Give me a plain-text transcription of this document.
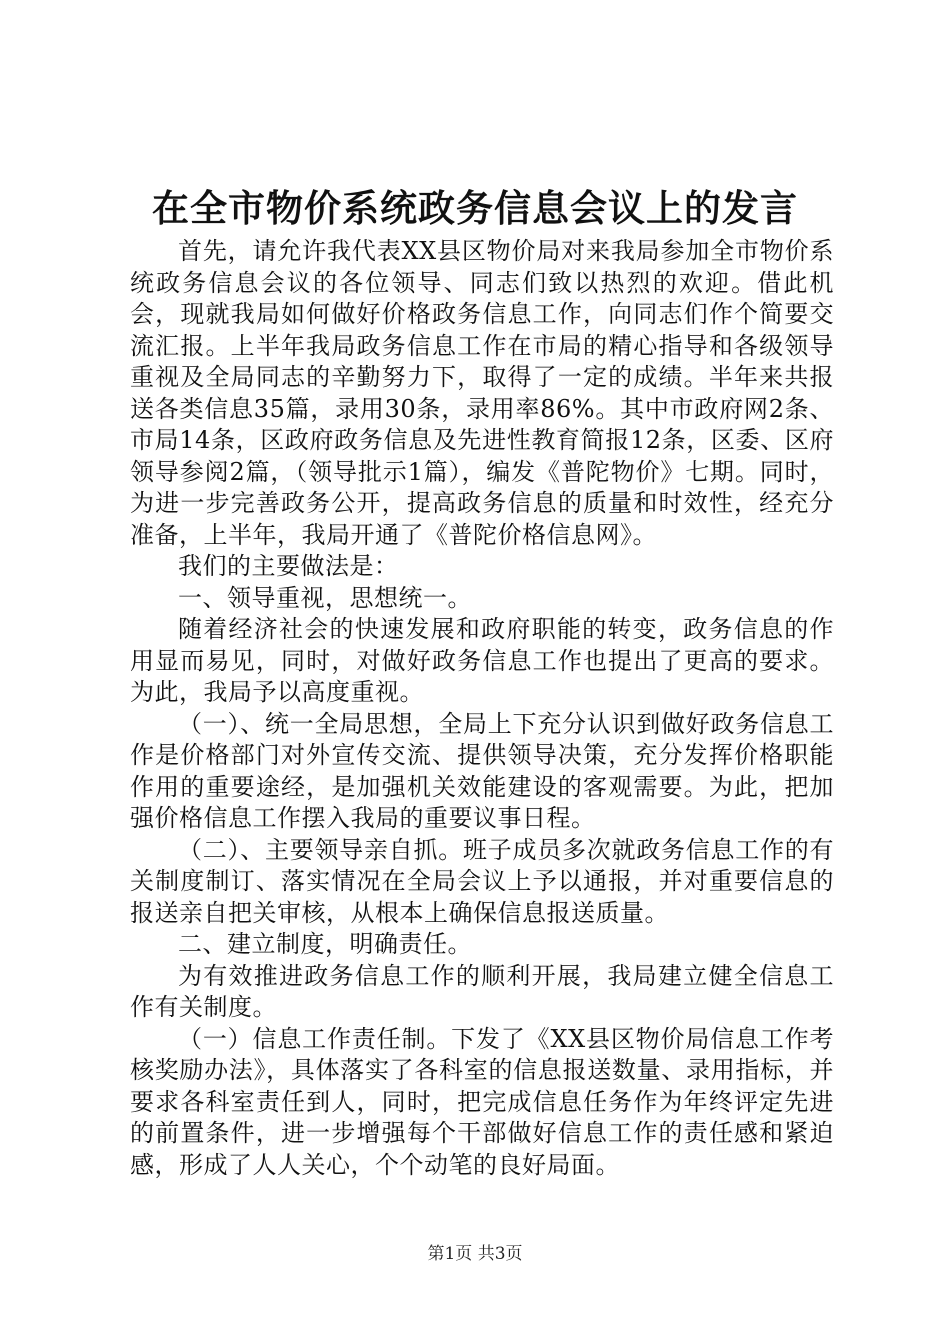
在全市物价系统政务信息会议上的发言

首先，请允许我代表XX县区物价局对来我局参加全市物价系统政务信息会议的各位领导、同志们致以热烈的欢迎。借此机会，现就我局如何做好价格政务信息工作，向同志们作个简要交流汇报。上半年我局政务信息工作在市局的精心指导和各级领导重视及全局同志的辛勤努力下，取得了一定的成绩。半年来共报送各类信息35篇，录用30条，录用率86%。其中市政府网2条、市局14条，区政府政务信息及先进性教育简报12条，区委、区府领导参阅2篇，（领导批示1篇），编发《普陀物价》七期。同时，为进一步完善政务公开，提高政务信息的质量和时效性，经充分准备，上半年，我局开通了《普陀价格信息网》。

我们的主要做法是：

一、领导重视，思想统一。

随着经济社会的快速发展和政府职能的转变，政务信息的作用显而易见，同时，对做好政务信息工作也提出了更高的要求。为此，我局予以高度重视。

（一）、统一全局思想，全局上下充分认识到做好政务信息工作是价格部门对外宣传交流、提供领导决策，充分发挥价格职能作用的重要途经，是加强机关效能建设的客观需要。为此，把加强价格信息工作摆入我局的重要议事日程。

（二）、主要领导亲自抓。班子成员多次就政务信息工作的有关制度制订、落实情况在全局会议上予以通报，并对重要信息的报送亲自把关审核，从根本上确保信息报送质量。

二、建立制度，明确责任。

为有效推进政务信息工作的顺利开展，我局建立健全信息工作有关制度。

（一）信息工作责任制。下发了《XX县区物价局信息工作考核奖励办法》，具体落实了各科室的信息报送数量、录用指标，并要求各科室责任到人，同时，把完成信息任务作为年终评定先进的前置条件，进一步增强每个干部做好信息工作的责任感和紧迫感，形成了人人关心，个个动笔的良好局面。

第1页 共3页
